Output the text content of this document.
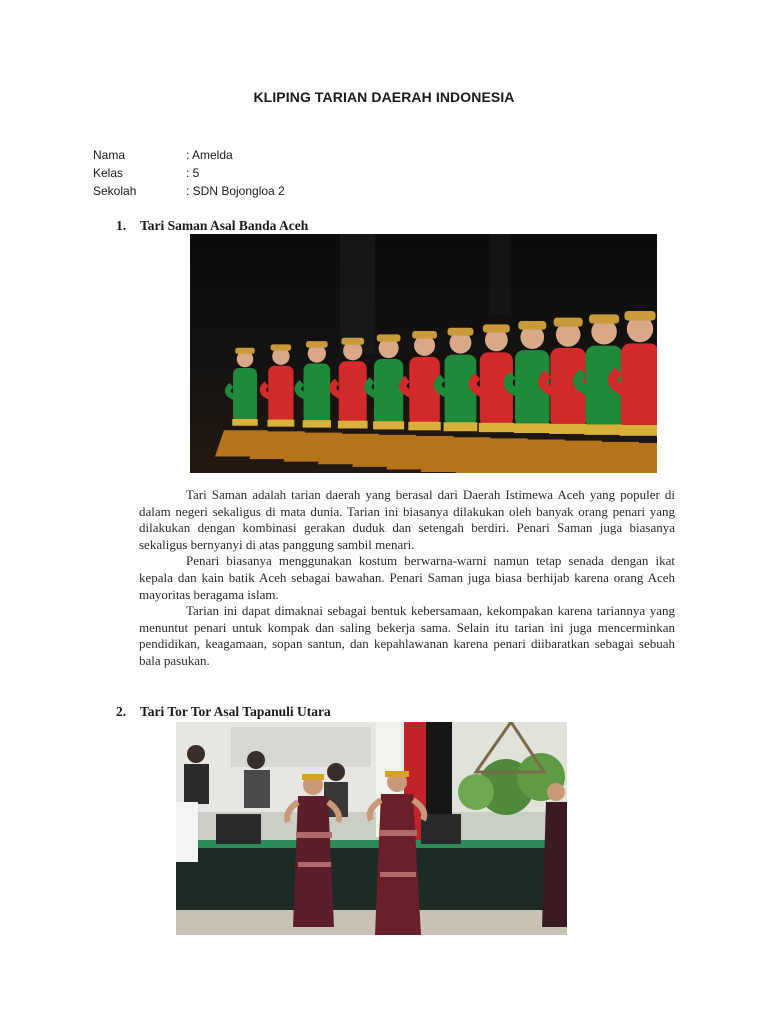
KLIPING TARIAN DAERAH INDONESIA
Nama	: Amelda
Kelas	: 5
Sekolah	: SDN Bojongloa 2
1. Tari Saman Asal Banda Aceh

Tari Saman adalah tarian daerah yang berasal dari Daerah Istimewa Aceh yang populer di dalam negeri sekaligus di mata dunia. Tarian ini biasanya dilakukan oleh banyak orang penari yang dilakukan dengan kombinasi gerakan duduk dan setengah berdiri. Penari Saman juga biasanya sekaligus bernyanyi di atas panggung sambil menari.

Penari biasanya menggunakan kostum berwarna-warni namun tetap senada dengan ikat kepala dan kain batik Aceh sebagai bawahan. Penari Saman juga biasa berhijab karena orang Aceh mayoritas beragama islam.

Tarian ini dapat dimaknai sebagai bentuk kebersamaan, kekompakan karena tariannya yang menuntut penari untuk kompak dan saling bekerja sama. Selain itu tarian ini juga mencerminkan pendidikan, keagamaan, sopan santun, dan kepahlawanan karena penari diibaratkan sebagai sebuah bala pasukan.

2. Tari Tor Tor Asal Tapanuli Utara
